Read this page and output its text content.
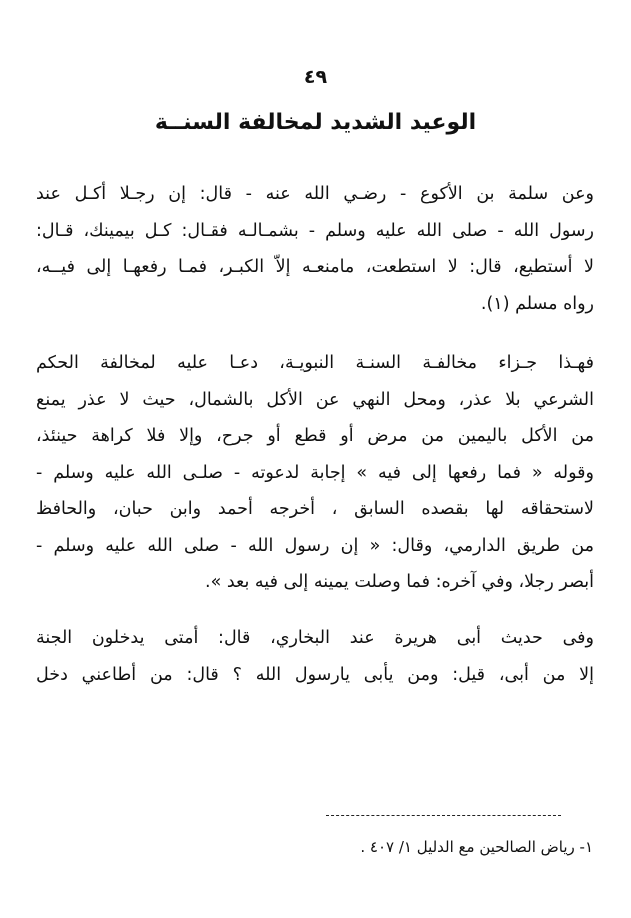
٤٩
الوعيد الشديد لمخالفة السنــة
وعن سلمة بن الأكوع - رضـي الله عنه - قال: إن رجـلا أكـل عند
رسول الله - صلى الله عليه وسلم - بشمـالـه فقـال: كـل بيمينك، قـال:
لا أستطيع، قال: لا استطعت، مامنعـه إلاّ الكبـر، فمـا رفعهـا إلى فيــه،
رواه مسلم (١).
فهـذا جـزاء مخالفـة السنـة النبويـة، دعـا عليه لمخالفة الحكم
الشرعي بلا عذر، ومحل النهي عن الأكل بالشمال، حيث لا عذر يمنع
من الأكل باليمين من مرض أو قطع أو جرح، وإلا فلا كراهة حينئذ،
وقوله « فما رفعها إلى فيه » إجابة لدعوته - صلـى الله عليه وسلم -
لاستحقاقه لها بقصده السابق ، أخرجه أحمد وابن حبان، والحافظ
من طريق الدارمي، وقال: « إن رسول الله - صلى الله عليه وسلم -
أبصر رجلا، وفي آخره: فما وصلت يمينه إلى فيه بعد ».
وفى حديث أبى هريرة عند البخاري، قال: أمتى يدخلون الجنة
إلا من أبى، قيل: ومن يأبى يارسول الله ؟ قال: من أطاعني دخل
١- رياض الصالحين مع الدليل ١/ ٤٠٧ .
